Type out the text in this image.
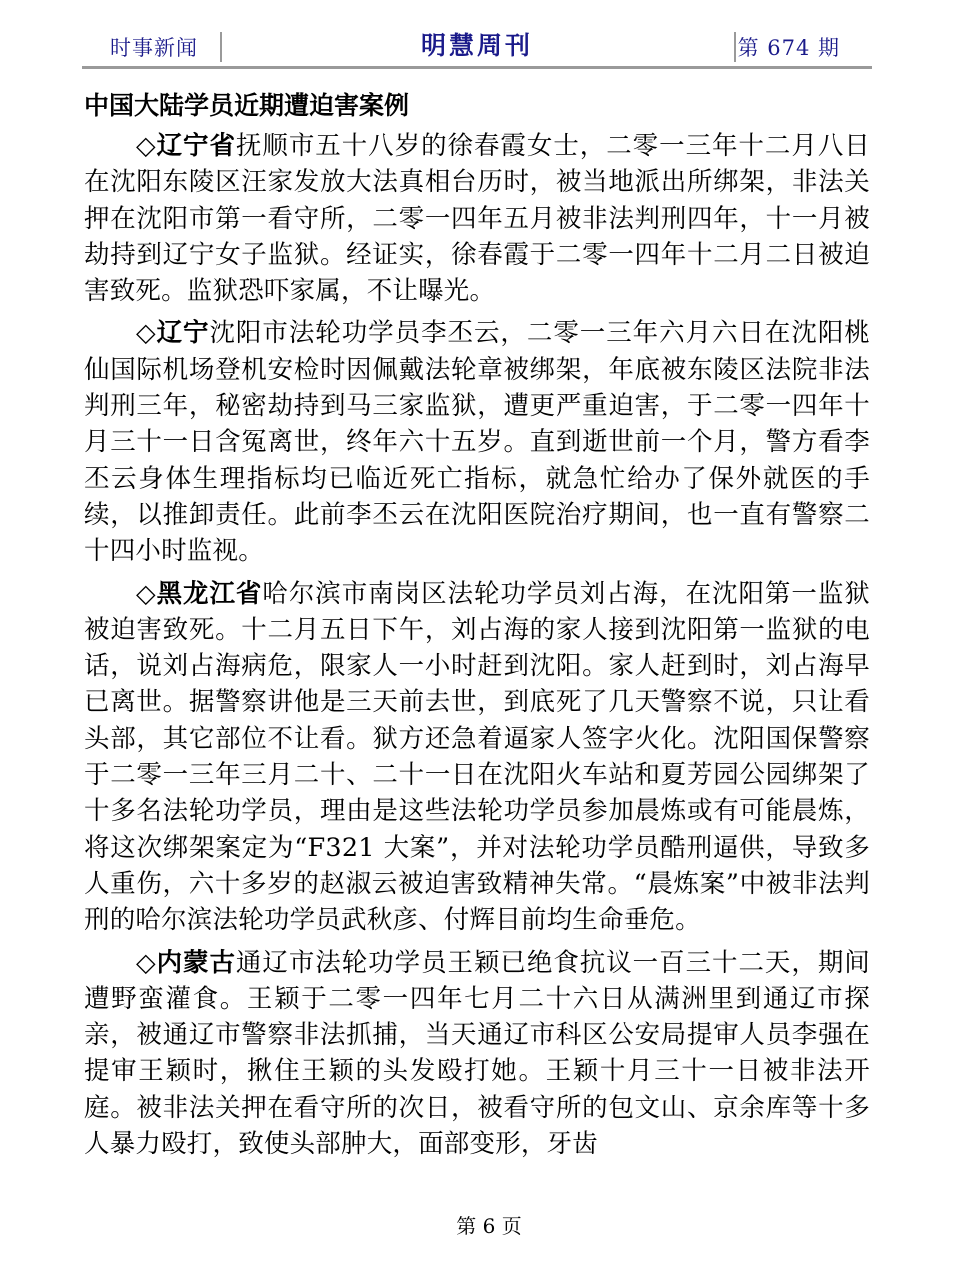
时事新闻	明慧周刊	第 674 期
中国大陆学员近期遭迫害案例

◇辽宁省抚顺市五十八岁的徐春霞女士，二零一三年十二月八日在沈阳东陵区汪家发放大法真相台历时，被当地派出所绑架，非法关押在沈阳市第一看守所，二零一四年五月被非法判刑四年，十一月被劫持到辽宁女子监狱。经证实，徐春霞于二零一四年十二月二日被迫害致死。监狱恐吓家属，不让曝光。

◇辽宁沈阳市法轮功学员李丕云，二零一三年六月六日在沈阳桃仙国际机场登机安检时因佩戴法轮章被绑架，年底被东陵区法院非法判刑三年，秘密劫持到马三家监狱，遭更严重迫害，于二零一四年十月三十一日含冤离世，终年六十五岁。直到逝世前一个月，警方看李丕云身体生理指标均已临近死亡指标，就急忙给办了保外就医的手续，以推卸责任。此前李丕云在沈阳医院治疗期间，也一直有警察二十四小时监视。

◇黑龙江省哈尔滨市南岗区法轮功学员刘占海，在沈阳第一监狱被迫害致死。十二月五日下午，刘占海的家人接到沈阳第一监狱的电话，说刘占海病危，限家人一小时赶到沈阳。家人赶到时，刘占海早已离世。据警察讲他是三天前去世，到底死了几天警察不说，只让看头部，其它部位不让看。狱方还急着逼家人签字火化。沈阳国保警察于二零一三年三月二十、二十一日在沈阳火车站和夏芳园公园绑架了十多名法轮功学员，理由是这些法轮功学员参加晨炼或有可能晨炼，将这次绑架案定为“F321 大案”，并对法轮功学员酷刑逼供，导致多人重伤，六十多岁的赵淑云被迫害致精神失常。“晨炼案”中被非法判刑的哈尔滨法轮功学员武秋彦、付辉目前均生命垂危。

◇内蒙古通辽市法轮功学员王颖已绝食抗议一百三十二天，期间遭野蛮灌食。王颖于二零一四年七月二十六日从满洲里到通辽市探亲，被通辽市警察非法抓捕，当天通辽市科区公安局提审人员李强在提审王颖时，揪住王颖的头发殴打她。王颖十月三十一日被非法开庭。被非法关押在看守所的次日，被看守所的包文山、京余库等十多人暴力殴打，致使头部肿大，面部变形，牙齿

第 6 页
